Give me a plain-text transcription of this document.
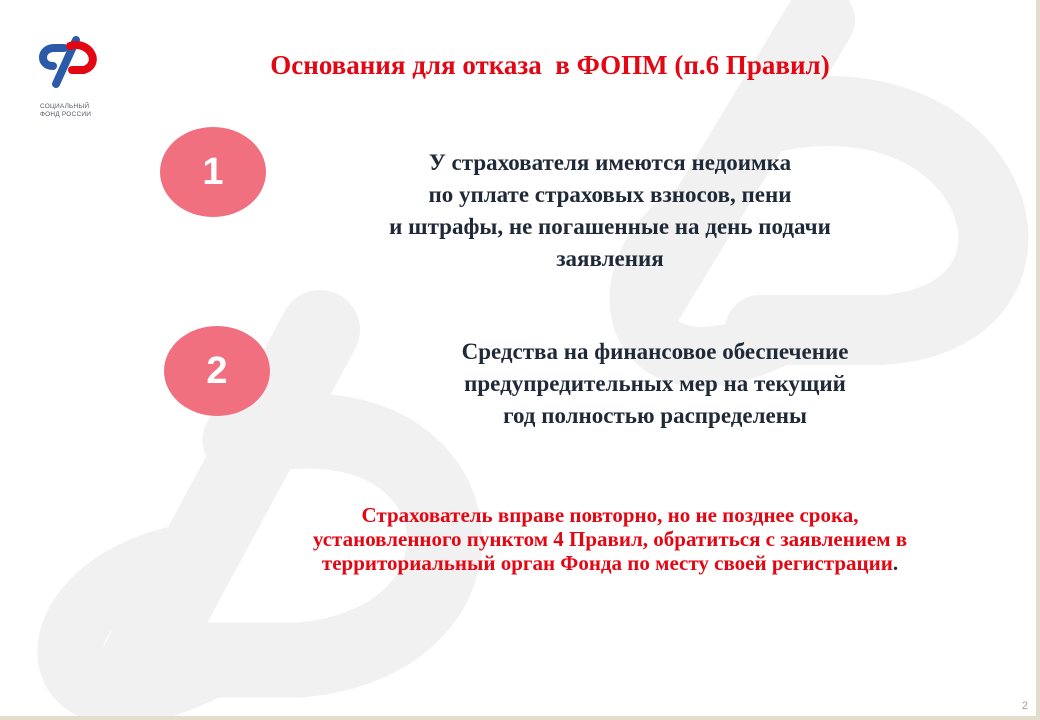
СОЦИАЛЬНЫЙ
ФОНД РОССИИ
Основания для отказа  в ФОПМ (п.6 Правил)
1	У страхователя имеются недоимка
по уплате страховых взносов, пени
и штрафы, не погашенные на день подачи
заявления
2	Средства на финансовое обеспечение
предупредительных мер на текущий
год полностью распределены
Страхователь вправе повторно, но не позднее срока,
установленного пунктом 4 Правил, обратиться с заявлением в
территориальный орган Фонда по месту своей регистрации.
2
